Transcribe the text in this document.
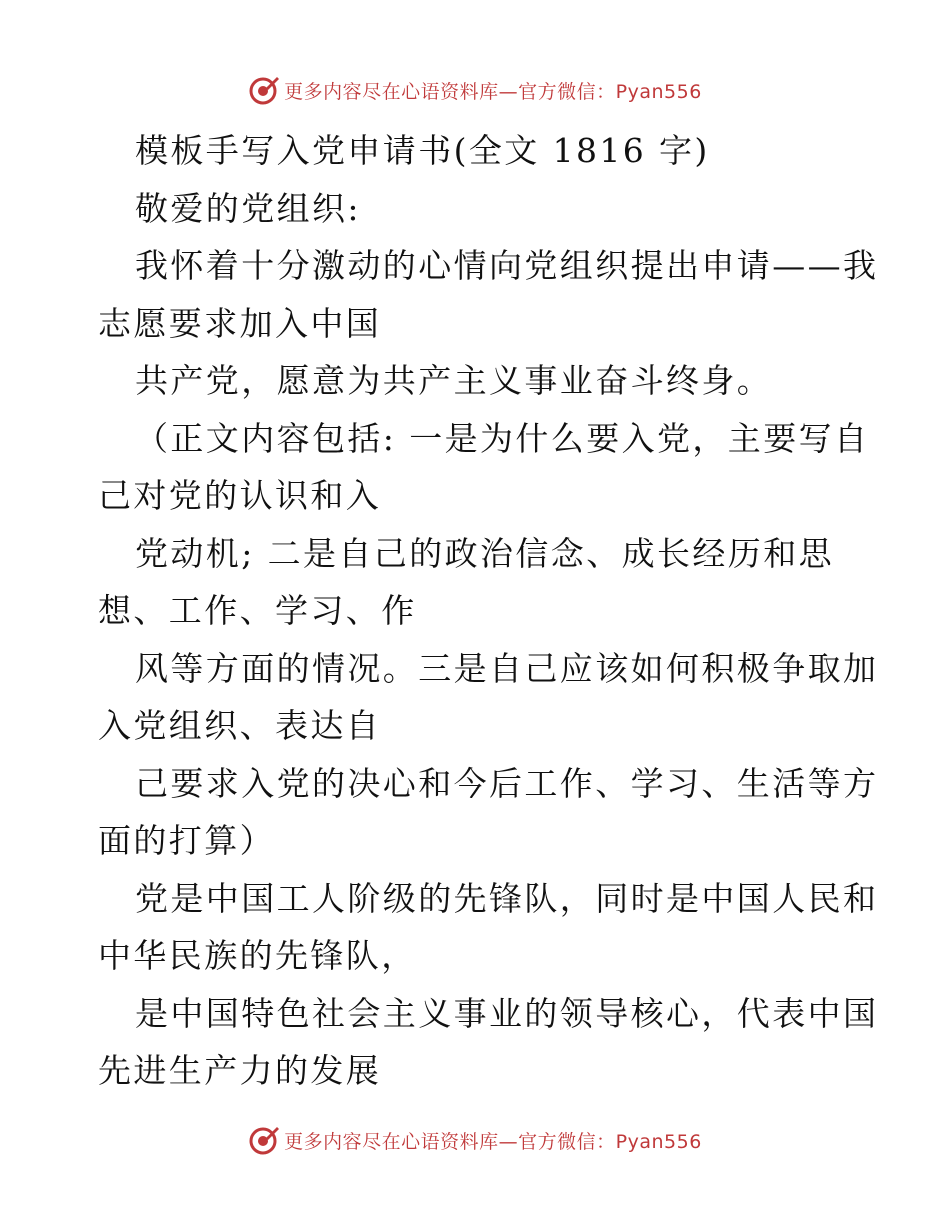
更多内容尽在心语资料库—官方微信：Pyan556
模板手写入党申请书(全文 1816 字)
敬爱的党组织:
我怀着十分激动的心情向党组织提出申请——我
志愿要求加入中国
共产党，愿意为共产主义事业奋斗终身。
（正文内容包括: 一是为什么要入党，主要写自
己对党的认识和入
党动机; 二是自己的政治信念、成长经历和思
想、工作、学习、作
风等方面的情况。三是自己应该如何积极争取加
入党组织、表达自
己要求入党的决心和今后工作、学习、生活等方
面的打算）
党是中国工人阶级的先锋队，同时是中国人民和
中华民族的先锋队，
是中国特色社会主义事业的领导核心，代表中国
先进生产力的发展
更多内容尽在心语资料库—官方微信：Pyan556
